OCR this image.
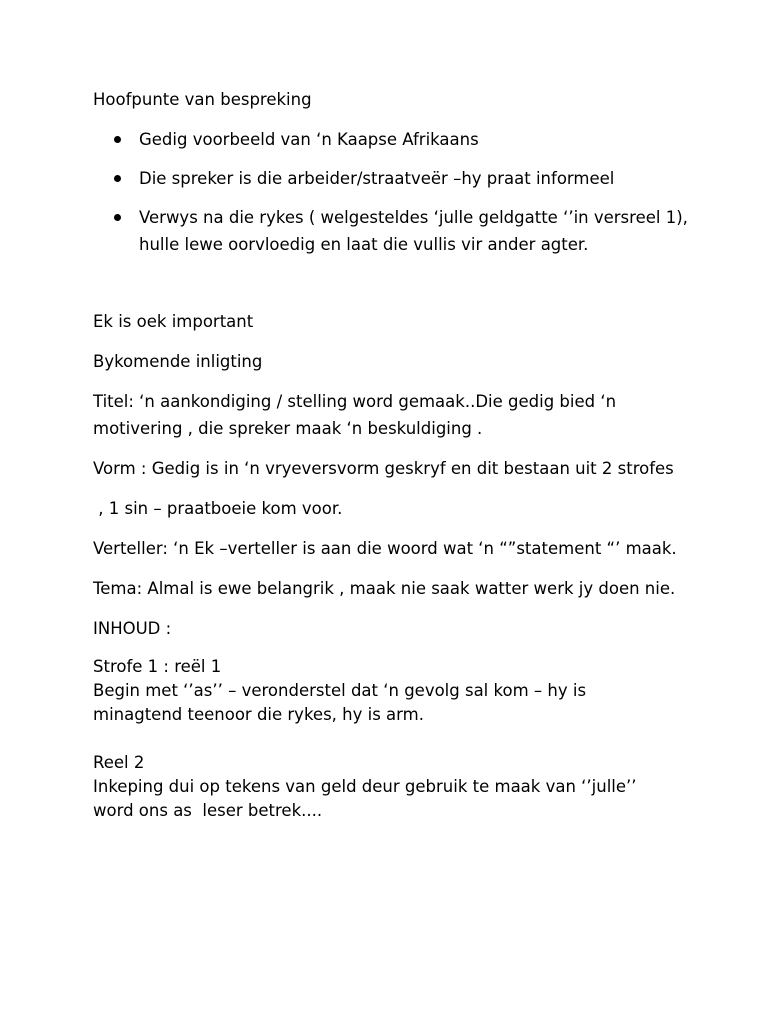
Hoofpunte van bespreking

Gedig voorbeeld van ‘n Kaapse Afrikaans
Die spreker is die arbeider/straatveër –hy praat informeel
Verwys na die rykes ( welgesteldes ‘julle geldgatte ‘’in versreel 1), hulle lewe oorvloedig en laat die vullis vir ander agter.

Ek is oek important

Bykomende inligting

Titel: ‘n aankondiging / stelling word gemaak..Die gedig bied ‘n motivering , die spreker maak ‘n beskuldiging .

Vorm : Gedig is in ‘n vryeversvorm geskryf en dit bestaan uit 2 strofes

, 1 sin – praatboeie kom voor.

Verteller: ‘n Ek –verteller is aan die woord wat ‘n “”statement “’ maak.

Tema: Almal is ewe belangrik , maak nie saak watter werk jy doen nie.

INHOUD :

Strofe 1 : reël 1

Begin met ‘’as’’ – veronderstel dat ‘n gevolg sal kom – hy is

minagtend teenoor die rykes, hy is arm.

Reel 2

Inkeping dui op tekens van geld deur gebruik te maak van ‘’julle’’

word ons as  leser betrek....
